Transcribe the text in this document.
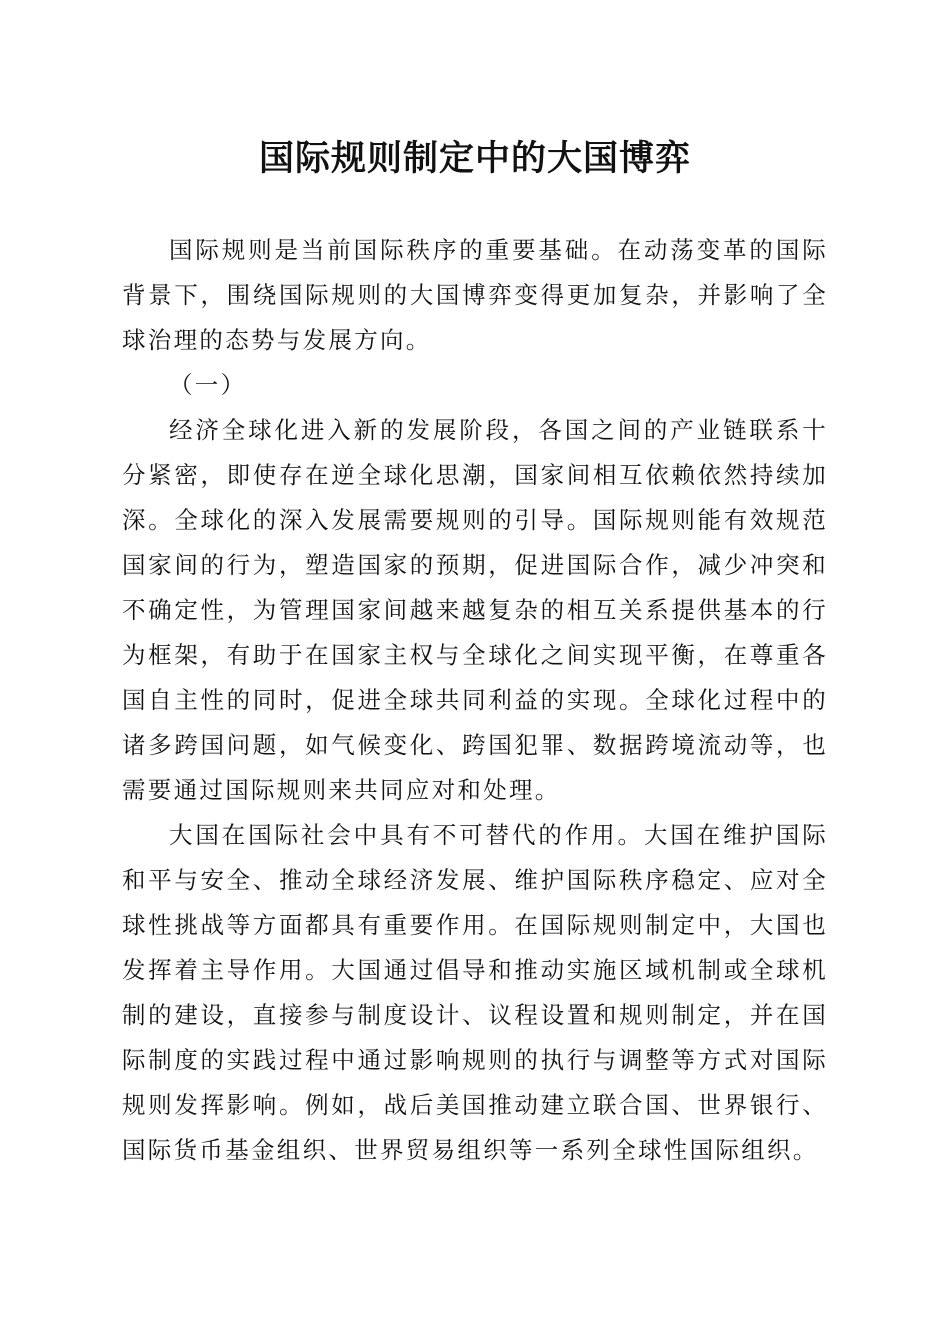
国际规则制定中的大国博弈

国际规则是当前国际秩序的重要基础。在动荡变革的国际背景下，围绕国际规则的大国博弈变得更加复杂，并影响了全球治理的态势与发展方向。

（一）

经济全球化进入新的发展阶段，各国之间的产业链联系十分紧密，即使存在逆全球化思潮，国家间相互依赖依然持续加深。全球化的深入发展需要规则的引导。国际规则能有效规范国家间的行为，塑造国家的预期，促进国际合作，减少冲突和不确定性，为管理国家间越来越复杂的相互关系提供基本的行为框架，有助于在国家主权与全球化之间实现平衡，在尊重各国自主性的同时，促进全球共同利益的实现。全球化过程中的诸多跨国问题，如气候变化、跨国犯罪、数据跨境流动等，也需要通过国际规则来共同应对和处理。

大国在国际社会中具有不可替代的作用。大国在维护国际和平与安全、推动全球经济发展、维护国际秩序稳定、应对全球性挑战等方面都具有重要作用。在国际规则制定中，大国也发挥着主导作用。大国通过倡导和推动实施区域机制或全球机制的建设，直接参与制度设计、议程设置和规则制定，并在国际制度的实践过程中通过影响规则的执行与调整等方式对国际规则发挥影响。例如，战后美国推动建立联合国、世界银行、国际货币基金组织、世界贸易组织等一系列全球性国际组织。
